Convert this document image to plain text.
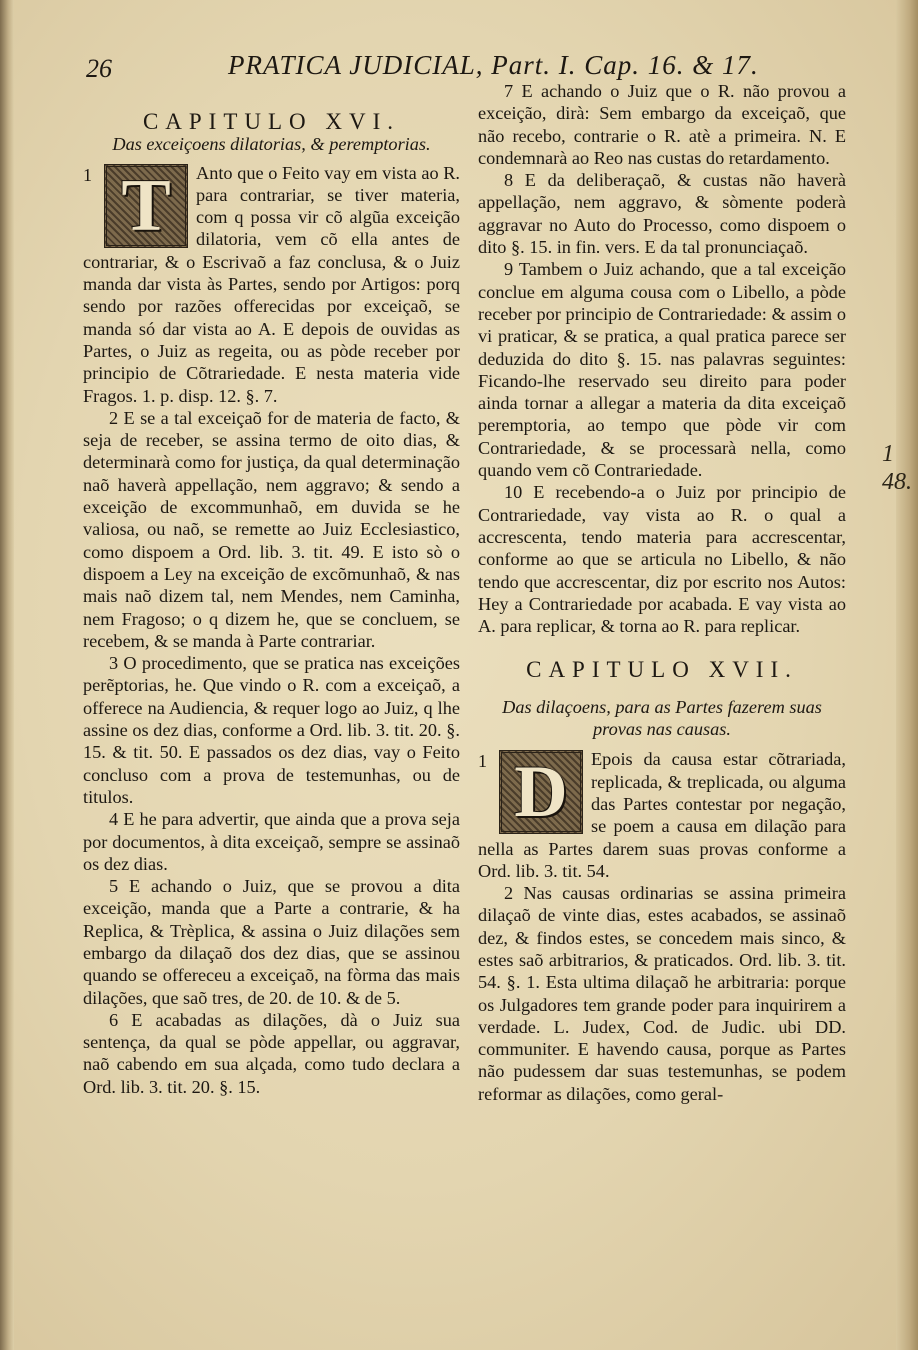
26	PRATICA JUDICIAL, Part. I. Cap. 16. & 17.
CAPITULO XVI.
Das exceiçoens dilatorias, & peremptorias.
1 T	Anto que o Feito vay em vista ao R. para contrariar, se tiver materia, com q possa vir cõ algũa exceição dilatoria, vem cõ ella antes de contrariar, & o Escrivaõ a faz conclusa, & o Juiz manda dar vista às Partes, sendo por Artigos: porq sendo por razões offerecidas por exceiçaõ, se manda só dar vista ao A. E depois de ouvidas as Partes, o Juiz as regeita, ou as pòde receber por principio de Cõtrariedade. E nesta materia vide Fragos. 1. p. disp. 12. §. 7.

2 E se a tal exceiçaõ for de materia de facto, & seja de receber, se assina termo de oito dias, & determinarà como for justiça, da qual determinação naõ haverà appellação, nem aggravo; & sendo a exceição de excommunhaõ, em duvida se he valiosa, ou naõ, se remette ao Juiz Ecclesiastico, como dispoem a Ord. lib. 3. tit. 49. E isto sò o dispoem a Ley na exceição de excõmunhaõ, & nas mais naõ dizem tal, nem Mendes, nem Caminha, nem Fragoso; o q dizem he, que se concluem, se recebem, & se manda à Parte contrariar.

3 O procedimento, que se pratica nas exceições perẽptorias, he. Que vindo o R. com a exceiçaõ, a offerece na Audiencia, & requer logo ao Juiz, q lhe assine os dez dias, conforme a Ord. lib. 3. tit. 20. §. 15. & tit. 50. E passados os dez dias, vay o Feito concluso com a prova de testemunhas, ou de titulos.

4 E he para advertir, que ainda que a prova seja por documentos, à dita exceiçaõ, sempre se assinaõ os dez dias.

5 E achando o Juiz, que se provou a dita exceição, manda que a Parte a contrarie, & ha Replica, & Trèplica, & assina o Juiz dilações sem embargo da dilaçaõ dos dez dias, que se assinou quando se offereceu a exceiçaõ, na fòrma das mais dilações, que saõ tres, de 20. de 10. & de 5.

6 E acabadas as dilações, dà o Juiz sua sentença, da qual se pòde appellar, ou aggravar, naõ cabendo em sua alçada, como tudo declara a Ord. lib. 3. tit. 20. §. 15.

7 E achando o Juiz que o R. não provou a exceição, dirà: Sem embargo da exceiçaõ, que não recebo, contrarie o R. atè a primeira. N. E condemnarà ao Reo nas custas do retardamento.

8 E da deliberaçaõ, & custas não haverà appellação, nem aggravo, & sòmente poderà aggravar no Auto do Processo, como dispoem o dito §. 15. in fin. vers. E da tal pronunciaçaõ.

9 Tambem o Juiz achando, que a tal exceição conclue em alguma cousa com o Libello, a pòde receber por principio de Contrariedade: & assim o vi praticar, & se pratica, a qual pratica parece ser deduzida do dito §. 15. nas palavras seguintes: Ficando-lhe reservado seu direito para poder ainda tornar a allegar a materia da dita exceiçaõ peremptoria, ao tempo que pòde vir com Contrariedade, & se processarà nella, como quando vem cõ Contrariedade.

10 E recebendo-a o Juiz por principio de Contrariedade, vay vista ao R. o qual a accrescenta, tendo materia para accrescentar, conforme ao que se articula no Libello, & não tendo que accrescentar, diz por escrito nos Autos: Hey a Contrariedade por acabada. E vay vista ao A. para replicar, & torna ao R. para replicar.

CAPITULO XVII.
Das dilaçoens, para as Partes fazerem suas provas nas causas.
1 D	Epois da causa estar cõtrariada, replicada, & treplicada, ou alguma das Partes contestar por negação, se poem a causa em dilação para nella as Partes darem suas provas conforme a Ord. lib. 3. tit. 54.

2 Nas causas ordinarias se assina primeira dilaçaõ de vinte dias, estes acabados, se assinaõ dez, & findos estes, se concedem mais sinco, & estes saõ arbitrarios, & praticados. Ord. lib. 3. tit. 54. §. 1. Esta ultima dilaçaõ he arbitraria: porque os Julgadores tem grande poder para inquirirem a verdade. L. Judex, Cod. de Judic. ubi DD. communiter. E havendo causa, porque as Partes não pudessem dar suas testemunhas, se podem reformar as dilações, como geral-

1 48.
